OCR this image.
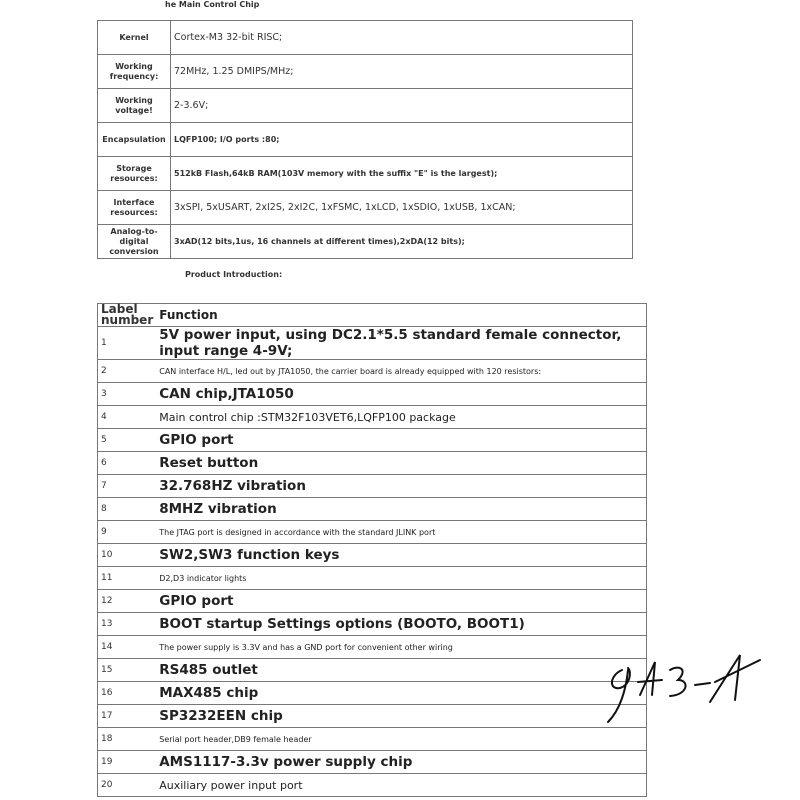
he Main Control Chip
Kernel	Cortex-M3 32-bit RISC;
Working frequency:	72MHz, 1.25 DMIPS/MHz;
Working voltage!	2-3.6V;
Encapsulation	LQFP100; I/O ports :80;
Storage resources:	512kB Flash,64kB RAM(103V memory with the suffix "E" is the largest);
Interface resources:	3xSPI, 5xUSART, 2xI2S, 2xI2C, 1xFSMC, 1xLCD, 1xSDIO, 1xUSB, 1xCAN;
Analog-to-digital conversion	3xAD(12 bits,1us, 16 channels at different times),2xDA(12 bits);
Product Introduction:
Label number	Function
1	5V power input, using DC2.1*5.5 standard female connector, input range 4-9V;
2	CAN interface H/L, led out by JTA1050, the carrier board is already equipped with 120 resistors:
3	CAN chip,JTA1050
4	Main control chip :STM32F103VET6,LQFP100 package
5	GPIO port
6	Reset button
7	32.768HZ vibration
8	8MHZ vibration
9	The JTAG port is designed in accordance with the standard JLINK port
10	SW2,SW3 function keys
11	D2,D3 indicator lights
12	GPIO port
13	BOOT startup Settings options (BOOTO, BOOT1)
14	The power supply is 3.3V and has a GND port for convenient other wiring
15	RS485 outlet
16	MAX485 chip
17	SP3232EEN chip
18	Serial port header,DB9 female header
19	AMS1117-3.3v power supply chip
20	Auxiliary power input port
